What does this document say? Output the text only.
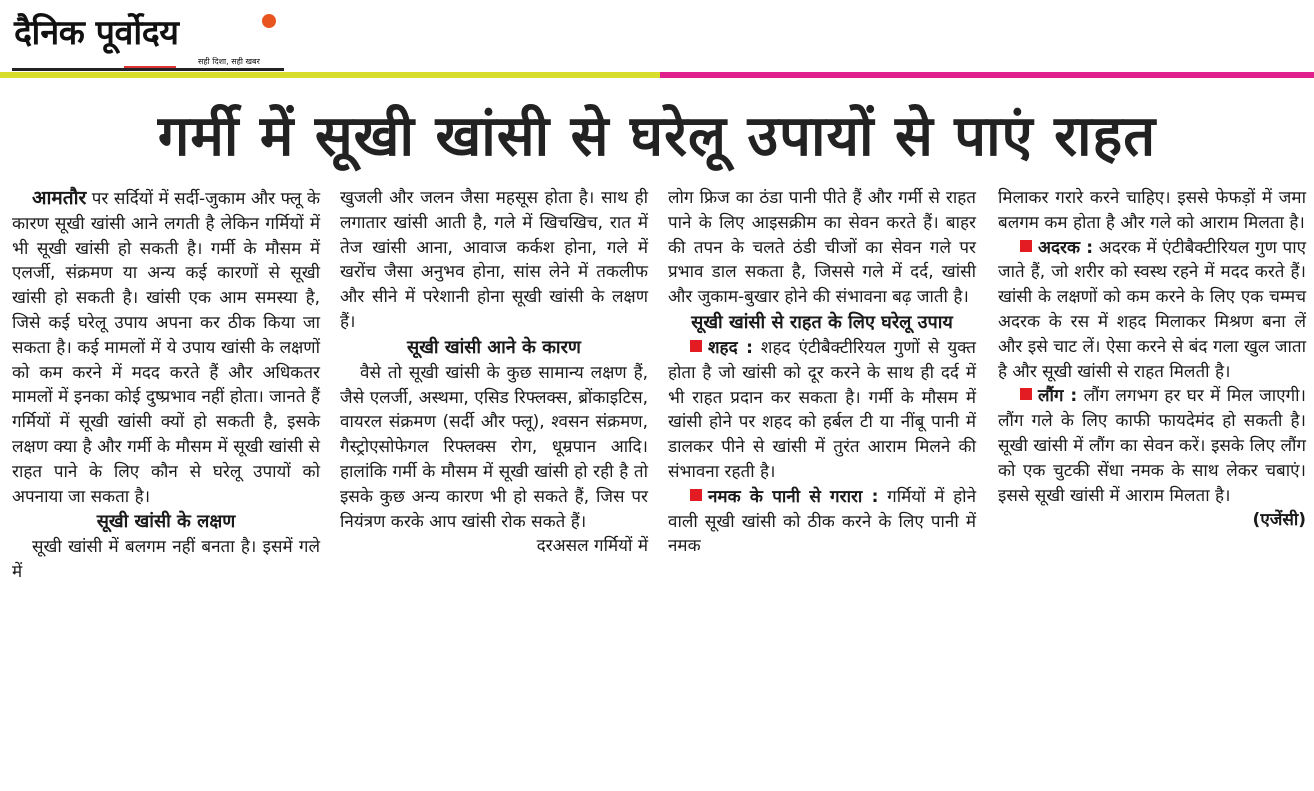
दैनिक पूर्वोदय
सही दिशा, सही खबर
गर्मी में सूखी खांसी से घरेलू उपायों से पाएं राहत

आमतौर पर सर्दियों में सर्दी-जुकाम और फ्लू के कारण सूखी खांसी आने लगती है लेकिन गर्मियों में भी सूखी खांसी हो सकती है। गर्मी के मौसम में एलर्जी, संक्रमण या अन्य कई कारणों से सूखी खांसी हो सकती है। खांसी एक आम समस्या है, जिसे कई घरेलू उपाय अपना कर ठीक किया जा सकता है। कई मामलों में ये उपाय खांसी के लक्षणों को कम करने में मदद करते हैं और अधिकतर मामलों में इनका कोई दुष्प्रभाव नहीं होता। जानते हैं गर्मियों में सूखी खांसी क्यों हो सकती है, इसके लक्षण क्या है और गर्मी के मौसम में सूखी खांसी से राहत पाने के लिए कौन से घरेलू उपायों को अपनाया जा सकता है।

सूखी खांसी के लक्षण

सूखी खांसी में बलगम नहीं बनता है। इसमें गले में

खुजली और जलन जैसा महसूस होता है। साथ ही लगातार खांसी आती है, गले में खिचखिच, रात में तेज खांसी आना, आवाज कर्कश होना, गले में खरोंच जैसा अनुभव होना, सांस लेने में तकलीफ और सीने में परेशानी होना सूखी खांसी के लक्षण हैं।

सूखी खांसी आने के कारण

वैसे तो सूखी खांसी के कुछ सामान्य लक्षण हैं, जैसे एलर्जी, अस्थमा, एसिड रिफ्लक्स, ब्रोंकाइटिस, वायरल संक्रमण (सर्दी और फ्लू), श्वसन संक्रमण, गैस्ट्रोएसोफेगल रिफ्लक्स रोग, धूम्रपान आदि। हालांकि गर्मी के मौसम में सूखी खांसी हो रही है तो इसके कुछ अन्य कारण भी हो सकते हैं, जिस पर नियंत्रण करके आप खांसी रोक सकते हैं।

दरअसल गर्मियों में

लोग फ्रिज का ठंडा पानी पीते हैं और गर्मी से राहत पाने के लिए आइसक्रीम का सेवन करते हैं। बाहर की तपन के चलते ठंडी चीजों का सेवन गले पर प्रभाव डाल सकता है, जिससे गले में दर्द, खांसी और जुकाम-बुखार होने की संभावना बढ़ जाती है।

सूखी खांसी से राहत के लिए घरेलू उपाय

शहद : शहद एंटीबैक्टीरियल गुणों से युक्त होता है जो खांसी को दूर करने के साथ ही दर्द में भी राहत प्रदान कर सकता है। गर्मी के मौसम में खांसी होने पर शहद को हर्बल टी या नींबू पानी में डालकर पीने से खांसी में तुरंत आराम मिलने की संभावना रहती है।

नमक के पानी से गरारा : गर्मियों में होने वाली सूखी खांसी को ठीक करने के लिए पानी में नमक

मिलाकर गरारे करने चाहिए। इससे फेफड़ों में जमा बलगम कम होता है और गले को आराम मिलता है।

अदरक : अदरक में एंटीबैक्टीरियल गुण पाए जाते हैं, जो शरीर को स्वस्थ रहने में मदद करते हैं। खांसी के लक्षणों को कम करने के लिए एक चम्मच अदरक के रस में शहद मिलाकर मिश्रण बना लें और इसे चाट लें। ऐसा करने से बंद गला खुल जाता है और सूखी खांसी से राहत मिलती है।

लौंग : लौंग लगभग हर घर में मिल जाएगी। लौंग गले के लिए काफी फायदेमंद हो सकती है। सूखी खांसी में लौंग का सेवन करें। इसके लिए लौंग को एक चुटकी सेंधा नमक के साथ लेकर चबाएं। इससे सूखी खांसी में आराम मिलता है।

(एजेंसी)
